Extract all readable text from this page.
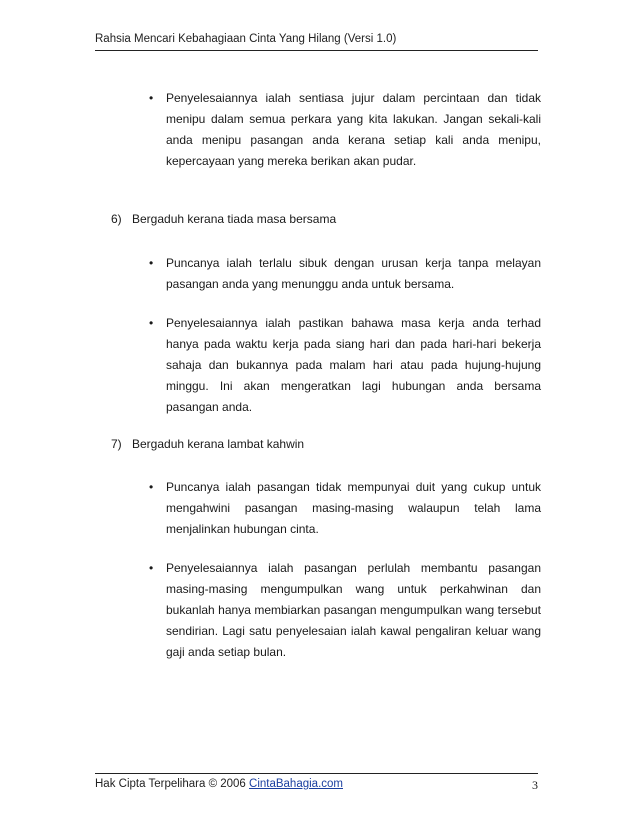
Rahsia Mencari Kebahagiaan Cinta Yang Hilang (Versi 1.0)
•	Penyelesaiannya ialah sentiasa jujur dalam percintaan dan tidak menipu dalam semua perkara yang kita lakukan. Jangan sekali-kali anda menipu pasangan anda kerana setiap kali anda menipu, kepercayaan yang mereka berikan akan pudar.
6) Bergaduh kerana tiada masa bersama
•	Puncanya ialah terlalu sibuk dengan urusan kerja tanpa melayan pasangan anda yang menunggu anda untuk bersama.
•	Penyelesaiannya ialah pastikan bahawa masa kerja anda terhad hanya pada waktu kerja pada siang hari dan pada hari-hari bekerja sahaja dan bukannya pada malam hari atau pada hujung-hujung minggu. Ini akan mengeratkan lagi hubungan anda bersama pasangan anda.
7) Bergaduh kerana lambat kahwin
•	Puncanya ialah pasangan tidak mempunyai duit yang cukup untuk mengahwini pasangan masing-masing walaupun telah lama menjalinkan hubungan cinta.
•	Penyelesaiannya ialah pasangan perlulah membantu pasangan masing-masing mengumpulkan wang untuk perkahwinan dan bukanlah hanya membiarkan pasangan mengumpulkan wang tersebut sendirian. Lagi satu penyelesaian ialah kawal pengaliran keluar wang gaji anda setiap bulan.
Hak Cipta Terpelihara © 2006 CintaBahagia.com	3
